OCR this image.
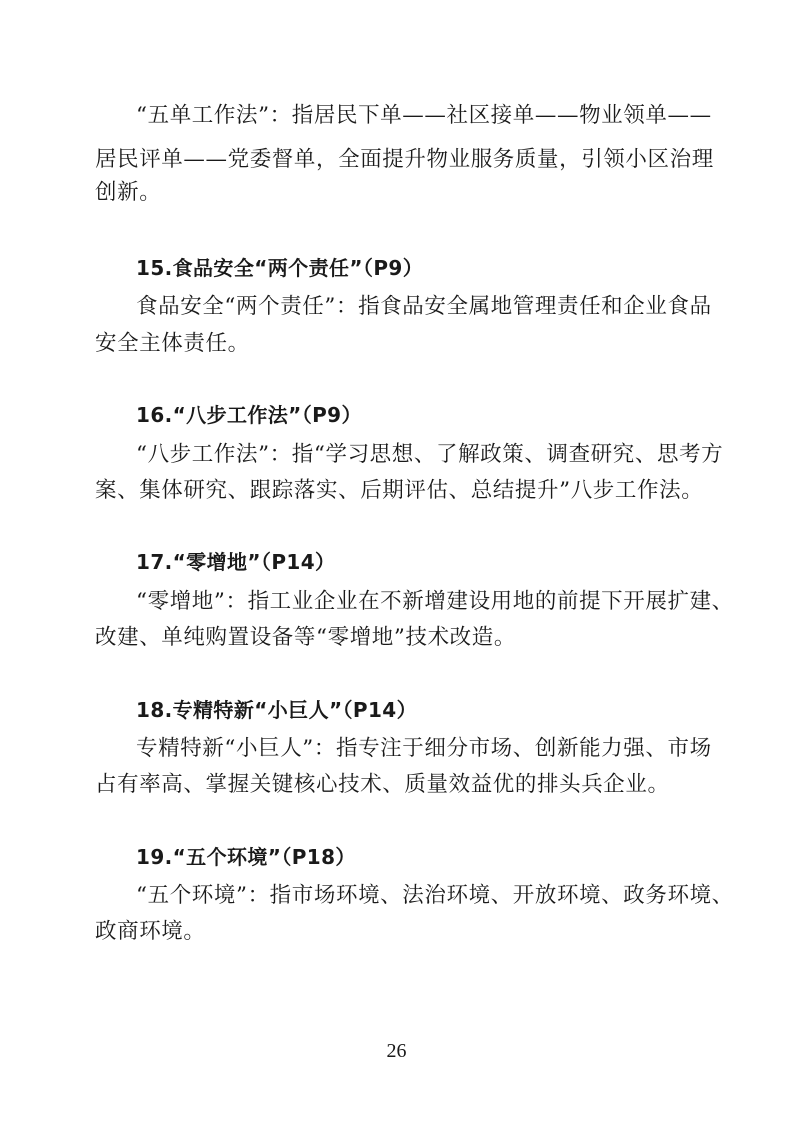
“五单工作法”：指居民下单——社区接单——物业领单——
居民评单——党委督单，全面提升物业服务质量，引领小区治理
创新。
15.食品安全“两个责任”（P9）
食品安全“两个责任”：指食品安全属地管理责任和企业食品
安全主体责任。
16.“八步工作法”（P9）
“八步工作法”：指“学习思想、了解政策、调查研究、思考方
案、集体研究、跟踪落实、后期评估、总结提升”八步工作法。
17.“零增地”（P14）
“零增地”：指工业企业在不新增建设用地的前提下开展扩建、
改建、单纯购置设备等“零增地”技术改造。
18.专精特新“小巨人”（P14）
专精特新“小巨人”：指专注于细分市场、创新能力强、市场
占有率高、掌握关键核心技术、质量效益优的排头兵企业。
19.“五个环境”（P18）
“五个环境”：指市场环境、法治环境、开放环境、政务环境、
政商环境。
26
